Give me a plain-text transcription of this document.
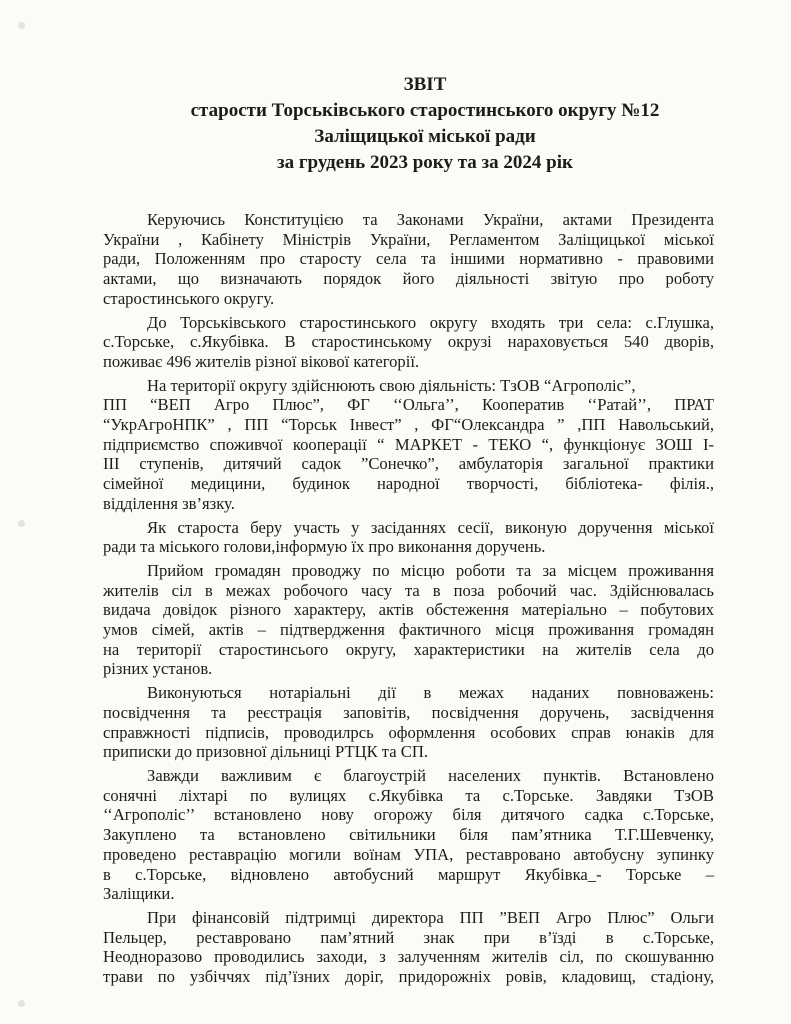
ЗВІТ
старости Торськівського старостинського округу №12
Заліщицької міської ради
за грудень 2023 року та за 2024 рік
Керуючись Конституцією та Законами України, актами Президента
України , Кабінету Міністрів України, Регламентом Заліщицької міської
ради, Положенням про старосту села та іншими нормативно - правовими
актами, що визначають порядок його діяльності звітую про роботу
старостинського округу.
До Торськівського старостинського округу входять три села: с.Глушка,
с.Торське, с.Якубівка. В старостинському окрузі нараховується 540 дворів,
поживає 496 жителів різної вікової категорії.
На території округу здійснюють свою діяльність: ТзОВ “Агрополіс”,
ПП “ВЕП Агро Плюс”, ФГ ‘‘Ольга’’, Кооператив ‘‘Ратай’’, ПРАТ
“УкрАгроНПК” , ПП “Торськ Інвест” , ФГ“Олександра ” ,ПП Навольський,
підприємство споживчої кооперації “ МАРКЕТ - ТЕКО “, функціонує ЗОШ І-
ІІІ ступенів, дитячий садок ”Сонечко”, амбулаторія загальної практики
сімейної медицини, будинок народної творчості, бібліотека- філія.,
відділення зв’язку.
Як староста беру участь у засіданнях сесії, виконую доручення міської
ради та міського голови,інформую їх про виконання доручень.
Прийом громадян проводжу по місцю роботи та за місцем проживання
жителів сіл в межах робочого часу та в поза робочий час. Здійснювалась
видача довідок різного характеру, актів обстеження матеріально – побутових
умов сімей, актів – підтвердження фактичного місця проживання громадян
на території старостинсього округу, характеристики на жителів села до
різних установ.
Виконуються нотаріальні дії в межах наданих повноважень:
посвідчення та реєстрація заповітів, посвідчення доручень, засвідчення
справжності підписів, проводилрсь оформлення особових справ юнаків для
приписки до призовної дільниці РТЦК та СП.
Завжди важливим є благоустрій населених пунктів. Встановлено
сонячні ліхтарі по вулицях с.Якубівка та с.Торське. Завдяки ТзОВ
‘‘Агрополіс’’ встановлено нову огорожу біля дитячого садка с.Торське,
Закуплено та встановлено світильники біля пам’ятника Т.Г.Шевченку,
проведено реставрацію могили воїнам УПА, реставровано автобусну зупинку
в с.Торське, відновлено автобусний маршрут Якубівка_- Торське –
Заліщики.
При фінансовій підтримці директора ПП ”ВЕП Агро Плюс” Ольги
Пельцер, реставровано пам’ятний знак при в’їзді в с.Торське,
Неодноразово проводились заходи, з залученням жителів сіл, по скошуванню
трави по узбіччях під’їзних доріг, придорожніх ровів, кладовищ, стадіону,
